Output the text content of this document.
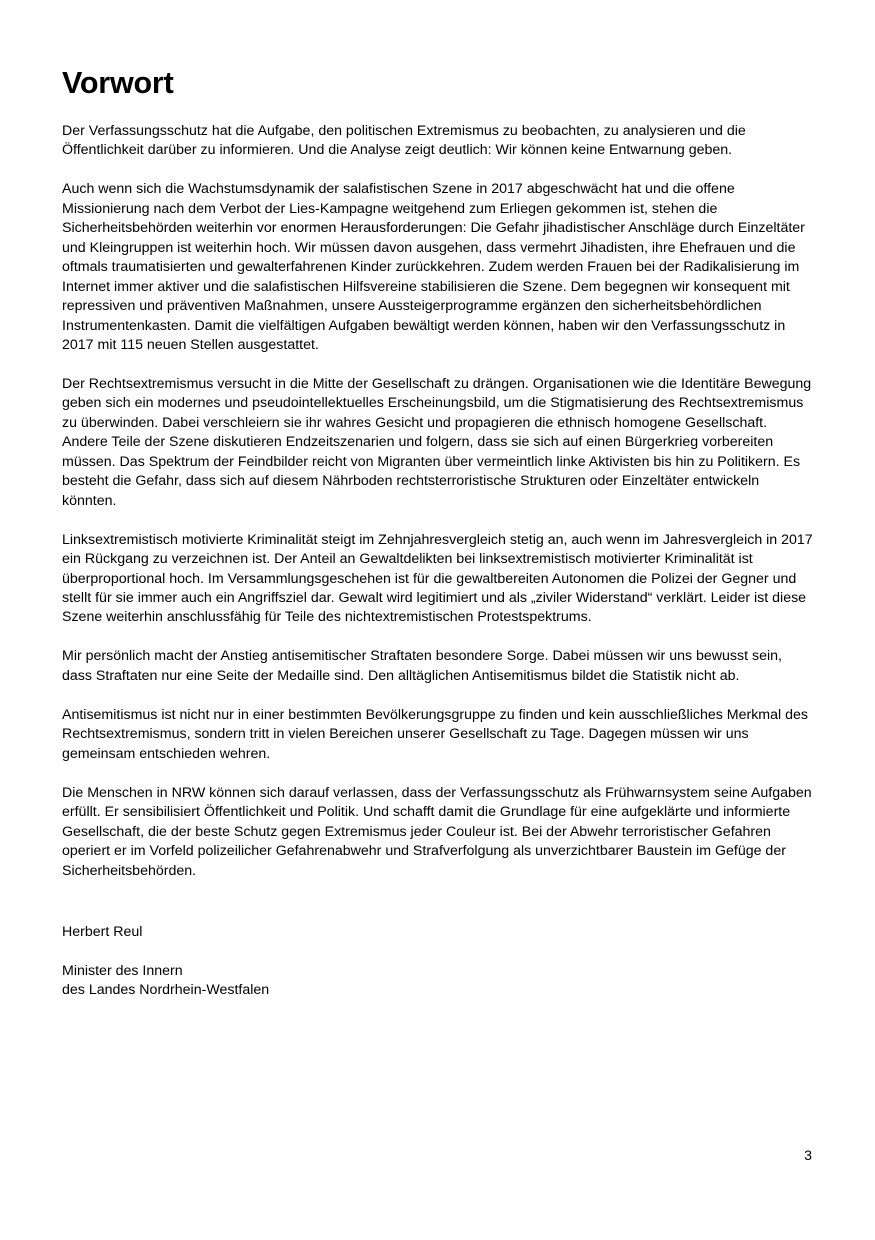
Vorwort

Der Verfassungsschutz hat die Aufgabe, den politischen Extremismus zu beobachten, zu analysieren und die Öffentlichkeit darüber zu informieren. Und die Analyse zeigt deutlich: Wir können keine Entwarnung geben.

Auch wenn sich die Wachstumsdynamik der salafistischen Szene in 2017 abgeschwächt hat und die offene Missionierung nach dem Verbot der Lies-Kampagne weitgehend zum Erliegen gekommen ist, stehen die Sicherheitsbehörden weiterhin vor enormen Herausforderungen: Die Gefahr jihadistischer Anschläge durch Einzeltäter und Kleingruppen ist weiterhin hoch. Wir müssen davon ausgehen, dass vermehrt Jihadisten, ihre Ehefrauen und die oftmals traumatisierten und gewalterfahrenen Kinder zurückkehren. Zudem werden Frauen bei der Radikalisierung im Internet immer aktiver und die salafistischen Hilfsvereine stabilisieren die Szene. Dem begegnen wir konsequent mit repressiven und präventiven Maßnahmen, unsere Aussteigerprogramme ergänzen den sicherheitsbehördlichen Instrumentenkasten. Damit die vielfältigen Aufgaben bewältigt werden können, haben wir den Verfassungsschutz in 2017 mit 115 neuen Stellen ausgestattet.

Der Rechtsextremismus versucht in die Mitte der Gesellschaft zu drängen. Organisationen wie die Identitäre Bewegung geben sich ein modernes und pseudointellektuelles Erscheinungsbild, um die Stigmatisierung des Rechtsextremismus zu überwinden. Dabei verschleiern sie ihr wahres Gesicht und propagieren die ethnisch homogene Gesellschaft. Andere Teile der Szene diskutieren Endzeitszenarien und folgern, dass sie sich auf einen Bürgerkrieg vorbereiten müssen. Das Spektrum der Feindbilder reicht von Migranten über vermeintlich linke Aktivisten bis hin zu Politikern. Es besteht die Gefahr, dass sich auf diesem Nährboden rechtsterroristische Strukturen oder Einzeltäter entwickeln könnten.

Linksextremistisch motivierte Kriminalität steigt im Zehnjahresvergleich stetig an, auch wenn im Jahresvergleich in 2017 ein Rückgang zu verzeichnen ist. Der Anteil an Gewaltdelikten bei linksextremistisch motivierter Kriminalität ist überproportional hoch. Im Versammlungsgeschehen ist für die gewaltbereiten Autonomen die Polizei der Gegner und stellt für sie immer auch ein Angriffsziel dar. Gewalt wird legitimiert und als „ziviler Widerstand“ verklärt. Leider ist diese Szene weiterhin anschlussfähig für Teile des nichtextremistischen Protestspektrums.

Mir persönlich macht der Anstieg antisemitischer Straftaten besondere Sorge. Dabei müssen wir uns bewusst sein, dass Straftaten nur eine Seite der Medaille sind. Den alltäglichen Antisemitismus bildet die Statistik nicht ab.

Antisemitismus ist nicht nur in einer bestimmten Bevölkerungsgruppe zu finden und kein ausschließliches Merkmal des Rechtsextremismus, sondern tritt in vielen Bereichen unserer Gesellschaft zu Tage. Dagegen müssen wir uns gemeinsam entschieden wehren.

Die Menschen in NRW können sich darauf verlassen, dass der Verfassungsschutz als Frühwarnsystem seine Aufgaben erfüllt. Er sensibilisiert Öffentlichkeit und Politik. Und schafft damit die Grundlage für eine aufgeklärte und informierte Gesellschaft, die der beste Schutz gegen Extremismus jeder Couleur ist. Bei der Abwehr terroristischer Gefahren operiert er im Vorfeld polizeilicher Gefahrenabwehr und Strafverfolgung als unverzichtbarer Baustein im Gefüge der Sicherheitsbehörden.

Herbert Reul

Minister des Innern

des Landes Nordrhein-Westfalen

3
